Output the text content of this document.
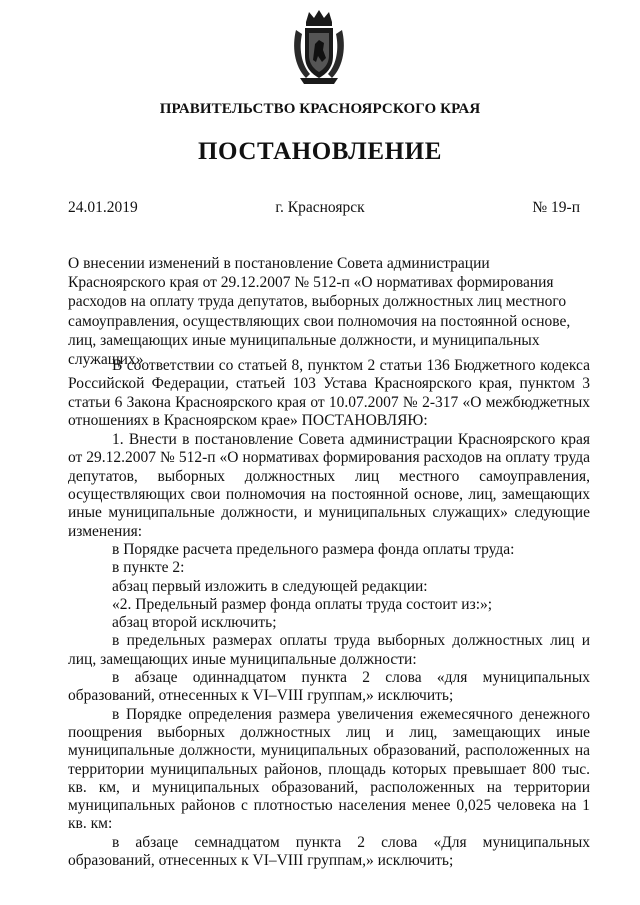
ПРАВИТЕЛЬСТВО КРАСНОЯРСКОГО КРАЯ
ПОСТАНОВЛЕНИЕ
24.01.2019	г. Красноярск	№ 19-п
О внесении изменений в постановление Совета администрации Красноярского края от 29.12.2007 № 512-п «О нормативах формирования расходов на оплату труда депутатов, выборных должностных лиц местного самоуправления, осуществляющих свои полномочия на постоянной основе, лиц, замещающих иные муниципальные должности, и муниципальных служащих»

В соответствии со статьей 8, пунктом 2 статьи 136 Бюджетного кодекса Российской Федерации, статьей 103 Устава Красноярского края, пунктом 3 статьи 6 Закона Красноярского края от 10.07.2007 № 2-317 «О межбюджетных отношениях в Красноярском крае» ПОСТАНОВЛЯЮ:

1. Внести в постановление Совета администрации Красноярского края от 29.12.2007 № 512-п «О нормативах формирования расходов на оплату труда депутатов, выборных должностных лиц местного самоуправления, осуществляющих свои полномочия на постоянной основе, лиц, замещающих иные муниципальные должности, и муниципальных служащих» следующие изменения:

в Порядке расчета предельного размера фонда оплаты труда:

в пункте 2:

абзац первый изложить в следующей редакции:

«2. Предельный размер фонда оплаты труда состоит из:»;

абзац второй исключить;

в предельных размерах оплаты труда выборных должностных лиц и лиц, замещающих иные муниципальные должности:

в абзаце одиннадцатом пункта 2 слова «для муниципальных образований, отнесенных к VI–VIII группам,» исключить;

в Порядке определения размера увеличения ежемесячного денежного поощрения выборных должностных лиц и лиц, замещающих иные муниципальные должности, муниципальных образований, расположенных на территории муниципальных районов, площадь которых превышает 800 тыс. кв. км, и муниципальных образований, расположенных на территории муниципальных районов с плотностью населения менее 0,025 человека на 1 кв. км:

в абзаце семнадцатом пункта 2 слова «Для муниципальных образований, отнесенных к VI–VIII группам,» исключить;
